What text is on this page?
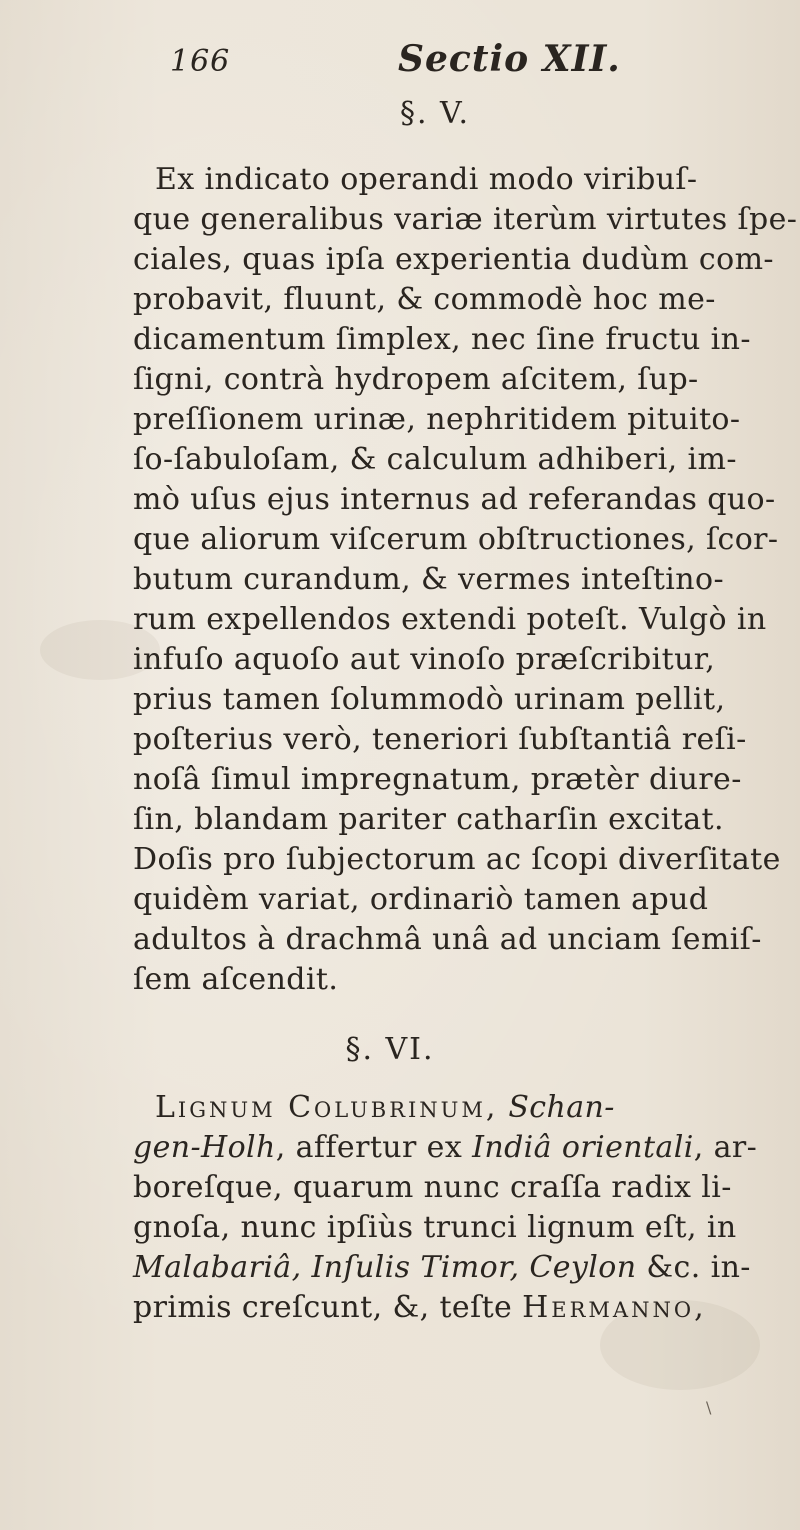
166	Sectio XII.
§. V.
Ex indicato operandi modo viribuſ-
que generalibus variæ iterùm virtutes ſpe-
ciales, quas ipſa experientia dudùm com-
probavit, fluunt, & commodè hoc me-
dicamentum ſimplex, nec ſine fructu in-
ſigni, contrà hydropem aſcitem, ſup-
preſſionem urinæ, nephritidem pituito-
ſo-ſabuloſam, & calculum adhiberi, im-
mò uſus ejus internus ad referandas quo-
que aliorum viſcerum obſtructiones, ſcor-
butum curandum, & vermes inteſtino-
rum expellendos extendi poteſt. Vulgò in
infuſo aquoſo aut vinoſo præſcribitur,
prius tamen ſolummodò urinam pellit,
poſterius verò, teneriori ſubſtantiâ reſi-
noſâ ſimul impregnatum, prætèr diure-
ſin, blandam pariter catharſin excitat.
Doſis pro ſubjectorum ac ſcopi diverſitate
quidèm variat, ordinariò tamen apud
adultos à drachmâ unâ ad unciam ſemiſ-
ſem aſcendit.
§. VI.
Lignum Colubrinum, Schan-
gen-Holh, affertur ex Indiâ orientali, ar-
boreſque, quarum nunc craſſa radix li-
gnoſa, nunc ipſiùs trunci lignum eſt, in
Malabariâ, Inſulis Timor, Ceylon &c. in-
primis creſcunt, &, teſte Hermanno,
\
